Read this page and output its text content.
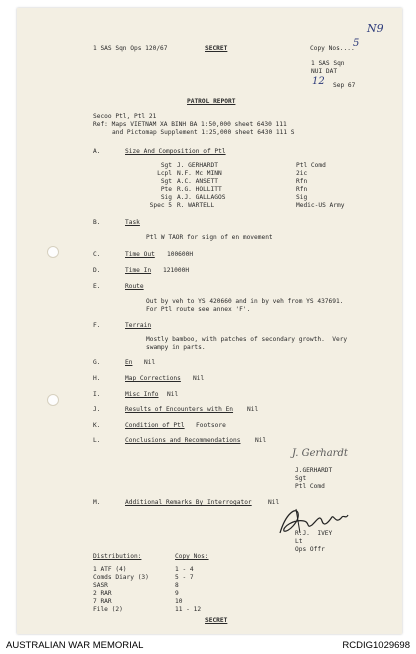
N9
1 SAS Sqn Ops 120/67	SECRET	Copy Nos....
5
1 SAS Sqn
NUI DAT
12 Sep 67
PATROL REPORT
Secoo Ptl, Ptl 21
Ref: Maps VIETNAM XA BINH BA 1:50,000 sheet 6430 111
and Pictomap Supplement 1:25,000 sheet 6430 111 S
A.	Size And Composition of Ptl
Sgt J. GERHARDT	Ptl Comd
Lcpl N.F. Mc MINN	2ic
Sgt A.C. ANSETT	Rfn
Pte R.G. HOLLITT	Rfn
Sig A.J. GALLAGOS	Sig
Spec 5 R. WARTELL	Medic-US Army
B.	Task
Ptl W TAOR for sign of en movement
C.	Time Out 100600H
D.	Time In 121000H
E.	Route
Out by veh to YS 420660 and in by veh from YS 437691.
For Ptl route see annex 'F'.
F.	Terrain
Mostly bamboo, with patches of secondary growth.  Very
swampy in parts.
G.	En Nil
H.	Map Corrections Nil
I.	Misc Info Nil
J.	Results of Encounters with En Nil
K.	Condition of Ptl Footsore
L.	Conclusions and Recommendations Nil
J. Gerhardt
J.GERHARDT
Sgt
Ptl Comd
M.	Additional Remarks By Interrogator	Nil
R.J.  IVEY
Lt
Ops Offr
Distribution:	Copy Nos:
1 ATF (4)	1 - 4
Comds Diary (3)	5 - 7
SASR	8
2 RAR	9
7 RAR	10
File (2)	11 - 12
SECRET
AUSTRALIAN WAR MEMORIAL	RCDIG1029698
